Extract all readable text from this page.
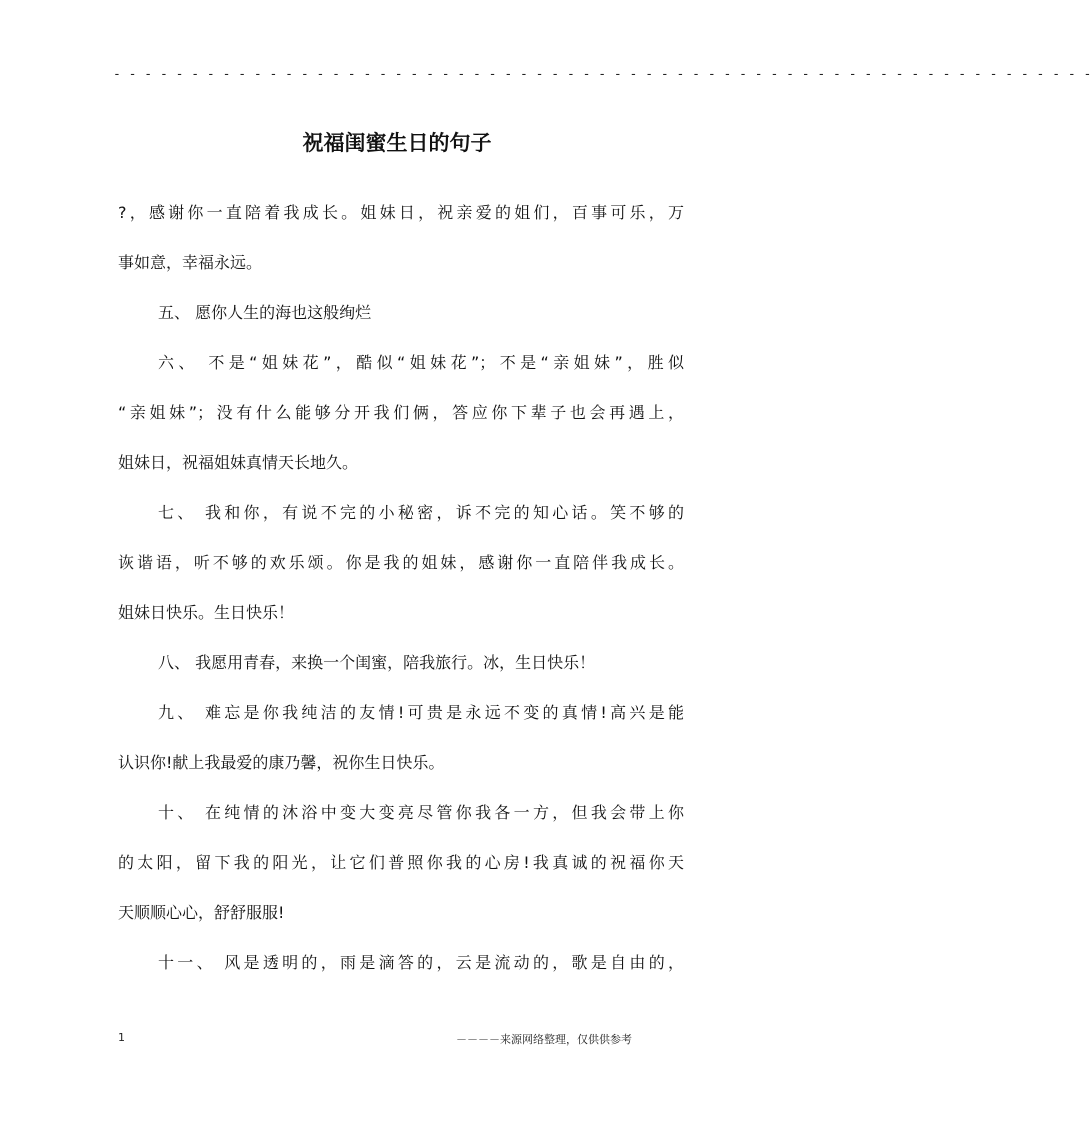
- - - - - - - - - - - - - - - - - - - - - - - - - - - - - - - - - - - - - - - - - - - - - - - - - - - - - - - - - - - - - - -
祝福闺蜜生日的句子
?，感谢你一直陪着我成长。姐妹日，祝亲爱的姐们，百事可乐，万
事如意，幸福永远。
五、 愿你人生的海也这般绚烂
六、 不是“姐妹花”，酷似“姐妹花”；不是“亲姐妹”，胜似
“亲姐妹”；没有什么能够分开我们俩，答应你下辈子也会再遇上，
姐妹日，祝福姐妹真情天长地久。
七、 我和你，有说不完的小秘密，诉不完的知心话。笑不够的
诙谐语，听不够的欢乐颂。你是我的姐妹，感谢你一直陪伴我成长。
姐妹日快乐。生日快乐！
八、 我愿用青春，来换一个闺蜜，陪我旅行。冰，生日快乐！
九、 难忘是你我纯洁的友情!可贵是永远不变的真情!高兴是能
认识你!献上我最爱的康乃馨，祝你生日快乐。
十、 在纯情的沐浴中变大变亮尽管你我各一方，但我会带上你
的太阳，留下我的阳光，让它们普照你我的心房!我真诚的祝福你天
天顺顺心心，舒舒服服!
十一、 风是透明的，雨是滴答的，云是流动的，歌是自由的，
1	－－－－来源网络整理，仅供供参考
